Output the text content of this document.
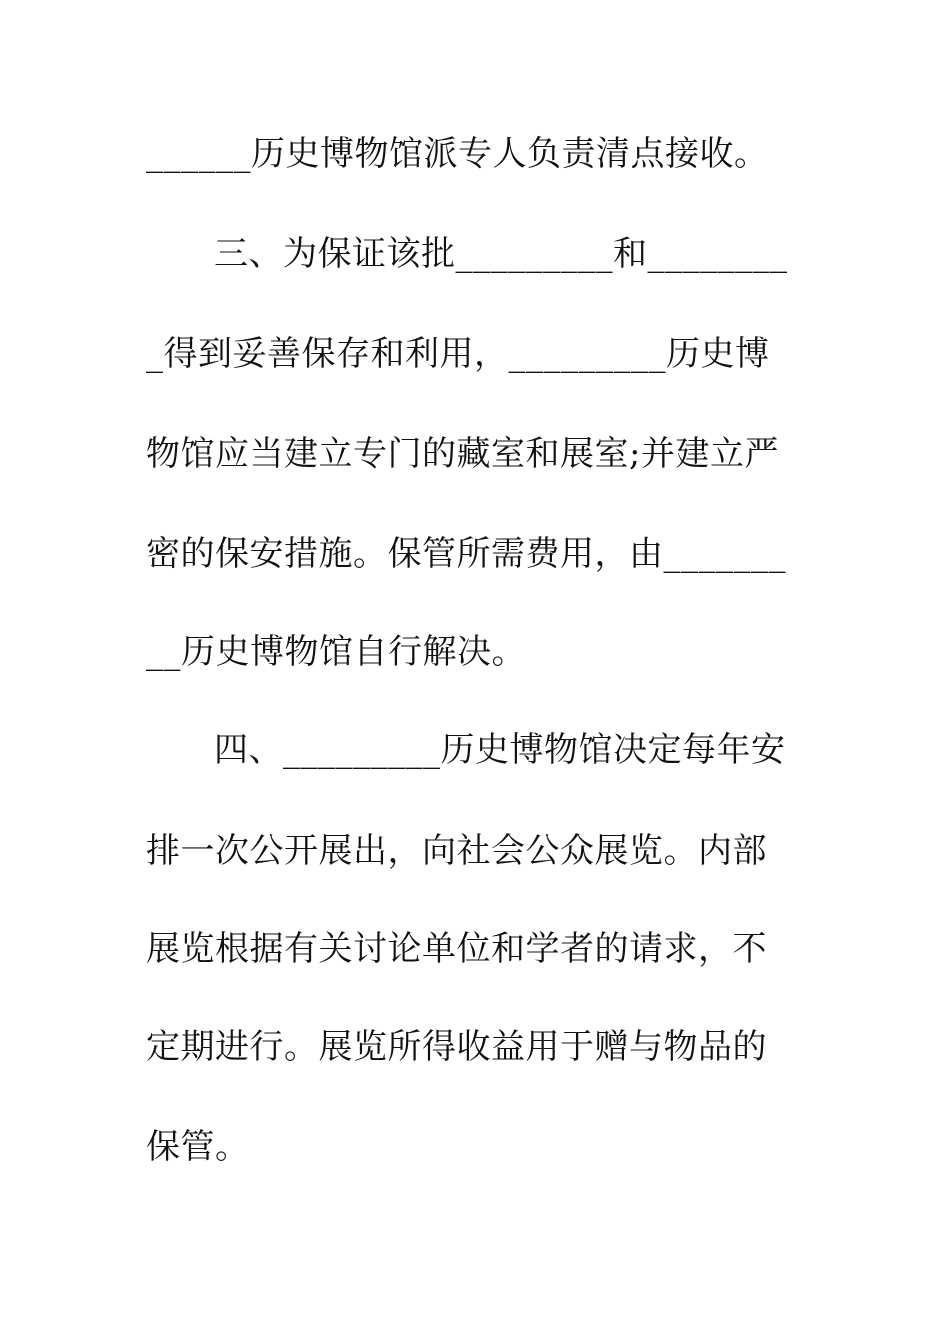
______历史博物馆派专人负责清点接收。
三、为保证该批_________和________
_得到妥善保存和利用，_________历史博
物馆应当建立专门的藏室和展室;并建立严
密的保安措施。保管所需费用，由_______
__历史博物馆自行解决。
四、_________历史博物馆决定每年安
排一次公开展出，向社会公众展览。内部
展览根据有关讨论单位和学者的请求，不
定期进行。展览所得收益用于赠与物品的
保管。
